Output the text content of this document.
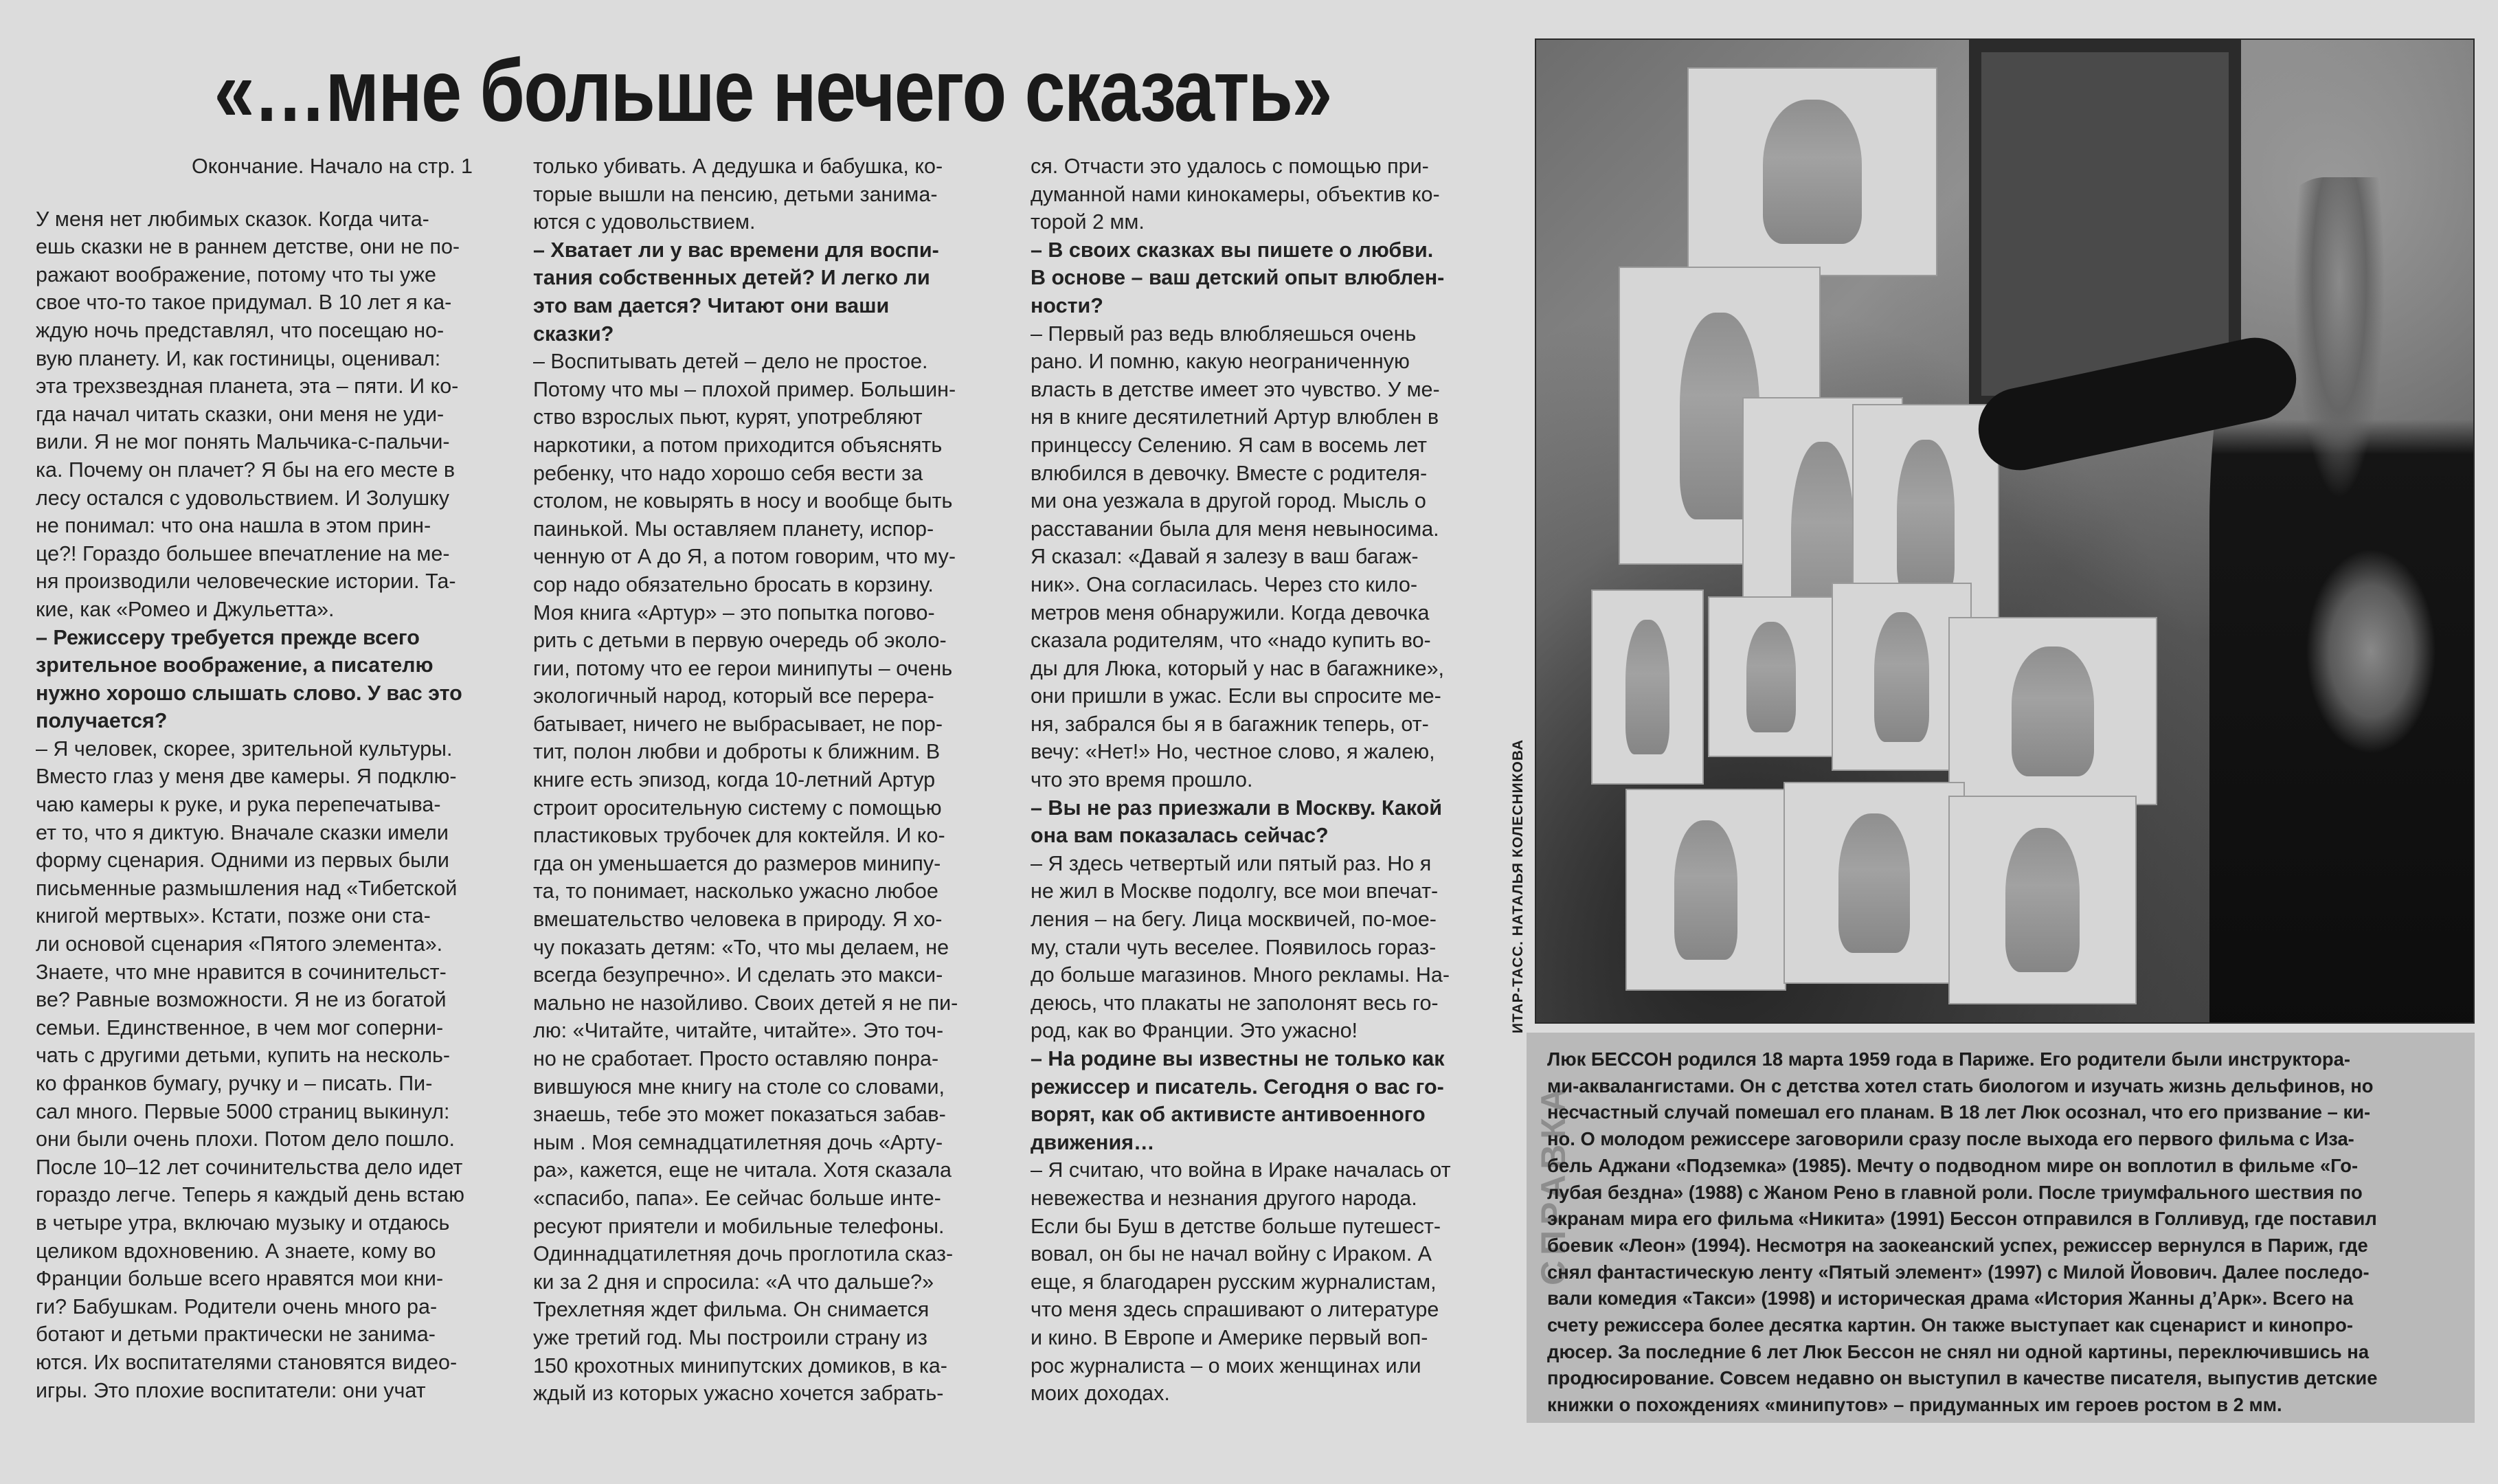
«…мне больше нечего сказать»

Окончание. Начало на стр. 1

У меня нет любимых сказок. Когда чита-

ешь сказки не в раннем детстве, они не по-

ражают воображение, потому что ты уже

свое что-то такое придумал. В 10 лет я ка-

ждую ночь представлял, что посещаю но-

вую планету. И, как гостиницы, оценивал:

эта трехзвездная планета, эта – пяти. И ко-

гда начал читать сказки, они меня не уди-

вили. Я не мог понять Мальчика-с-пальчи-

ка. Почему он плачет? Я бы на его месте в

лесу остался с удовольствием. И Золушку

не понимал: что она нашла в этом прин-

це?! Гораздо большее впечатление на ме-

ня производили человеческие истории. Та-

кие, как «Ромео и Джульетта».

– Режиссеру требуется прежде всего

зрительное воображение, а писателю

нужно хорошо слышать слово. У вас это

получается?

– Я человек, скорее, зрительной культуры.

Вместо глаз у меня две камеры. Я подклю-

чаю камеры к руке, и рука перепечатыва-

ет то, что я диктую. Вначале сказки имели

форму сценария. Одними из первых были

письменные размышления над «Тибетской

книгой мертвых». Кстати, позже они ста-

ли основой сценария «Пятого элемента».

Знаете, что мне нравится в сочинительст-

ве? Равные возможности. Я не из богатой

семьи. Единственное, в чем мог соперни-

чать с другими детьми, купить на несколь-

ко франков бумагу, ручку и – писать. Пи-

сал много. Первые 5000 страниц выкинул:

они были очень плохи. Потом дело пошло.

После 10–12 лет сочинительства дело идет

гораздо легче. Теперь я каждый день встаю

в четыре утра, включаю музыку и отдаюсь

целиком вдохновению. А знаете, кому во

Франции больше всего нравятся мои кни-

ги? Бабушкам. Родители очень много ра-

ботают и детьми практически не занима-

ются. Их воспитателями становятся видео-

игры. Это плохие воспитатели: они учат

только убивать. А дедушка и бабушка, ко-

торые вышли на пенсию, детьми занима-

ются с удовольствием.

– Хватает ли у вас времени для воспи-

тания собственных детей? И легко ли

это вам дается? Читают они ваши

сказки?

– Воспитывать детей – дело не простое.

Потому что мы – плохой пример. Большин-

ство взрослых пьют, курят, употребляют

наркотики, а потом приходится объяснять

ребенку, что надо хорошо себя вести за

столом, не ковырять в носу и вообще быть

паинькой. Мы оставляем планету, испор-

ченную от А до Я, а потом говорим, что му-

сор надо обязательно бросать в корзину.

Моя книга «Артур» – это попытка погово-

рить с детьми в первую очередь об эколо-

гии, потому что ее герои минипуты – очень

экологичный народ, который все перера-

батывает, ничего не выбрасывает, не пор-

тит, полон любви и доброты к ближним. В

книге есть эпизод, когда 10-летний Артур

строит оросительную систему с помощью

пластиковых трубочек для коктейля. И ко-

гда он уменьшается до размеров минипу-

та, то понимает, насколько ужасно любое

вмешательство человека в природу. Я хо-

чу показать детям: «То, что мы делаем, не

всегда безупречно». И сделать это макси-

мально не назойливо. Своих детей я не пи-

лю: «Читайте, читайте, читайте». Это точ-

но не сработает. Просто оставляю понра-

вившуюся мне книгу на столе со словами,

знаешь, тебе это может показаться забав-

ным . Моя семнадцатилетняя дочь «Арту-

ра», кажется, еще не читала. Хотя сказала

«спасибо, папа». Ее сейчас больше инте-

ресуют приятели и мобильные телефоны.

Одиннадцатилетняя дочь проглотила сказ-

ки за 2 дня и спросила: «А что дальше?»

Трехлетняя ждет фильма. Он снимается

уже третий год. Мы построили страну из

150 крохотных минипутских домиков, в ка-

ждый из которых ужасно хочется забрать-

ся. Отчасти это удалось с помощью при-

думанной нами кинокамеры, объектив ко-

торой 2 мм.

– В своих сказках вы пишете о любви.

В основе – ваш детский опыт влюблен-

ности?

– Первый раз ведь влюбляешься очень

рано. И помню, какую неограниченную

власть в детстве имеет это чувство. У ме-

ня в книге десятилетний Артур влюблен в

принцессу Селению. Я сам в восемь лет

влюбился в девочку. Вместе с родителя-

ми она уезжала в другой город. Мысль о

расставании была для меня невыносима.

Я сказал: «Давай я залезу в ваш багаж-

ник». Она согласилась. Через сто кило-

метров меня обнаружили. Когда девочка

сказала родителям, что «надо купить во-

ды для Люка, который у нас в багажнике»,

они пришли в ужас. Если вы спросите ме-

ня, забрался бы я в багажник теперь, от-

вечу: «Нет!» Но, честное слово, я жалею,

что это время прошло.

– Вы не раз приезжали в Москву. Какой

она вам показалась сейчас?

– Я здесь четвертый или пятый раз. Но я

не жил в Москве подолгу, все мои впечат-

ления – на бегу. Лица москвичей, по-мое-

му, стали чуть веселее. Появилось гораз-

до больше магазинов. Много рекламы. На-

деюсь, что плакаты не заполонят весь го-

род, как во Франции. Это ужасно!

– На родине вы известны не только как

режиссер и писатель. Сегодня о вас го-

ворят, как об активисте антивоенного

движения…

– Я считаю, что война в Ираке началась от

невежества и незнания другого народа.

Если бы Буш в детстве больше путешест-

вовал, он бы не начал войну с Ираком. А

еще, я благодарен русским журналистам,

что меня здесь спрашивают о литературе

и кино. В Европе и Америке первый воп-

рос журналиста – о моих женщинах или

моих доходах.

ИТАР-ТАСС. НАТАЛЬЯ КОЛЕСНИКОВА
СПРАВКА

Люк БЕССОН родился 18 марта 1959 года в Париже. Его родители были инструктора-

ми-аквалангистами. Он с детства хотел стать биологом и изучать жизнь дельфинов, но

несчастный случай помешал его планам. В 18 лет Люк осознал, что его призвание – ки-

но. О молодом режиссере заговорили сразу после выхода его первого фильма с Иза-

бель Аджани «Подземка» (1985). Мечту о подводном мире он воплотил в фильме «Го-

лубая бездна» (1988) с Жаном Рено в главной роли. После триумфального шествия по

экранам мира его фильма «Никита» (1991) Бессон отправился в Голливуд, где поставил

боевик «Леон» (1994). Несмотря на заокеанский успех, режиссер вернулся в Париж, где

снял фантастическую ленту «Пятый элемент» (1997) с Милой Йовович. Далее последо-

вали комедия «Такси» (1998) и историческая драма «История Жанны д’Арк». Всего на

счету режиссера более десятка картин. Он также выступает как сценарист и кинопро-

дюсер. За последние 6 лет Люк Бессон не снял ни одной картины, переключившись на

продюсирование. Совсем недавно он выступил в качестве писателя, выпустив детские

книжки о похождениях «минипутов» – придуманных им героев ростом в 2 мм.
